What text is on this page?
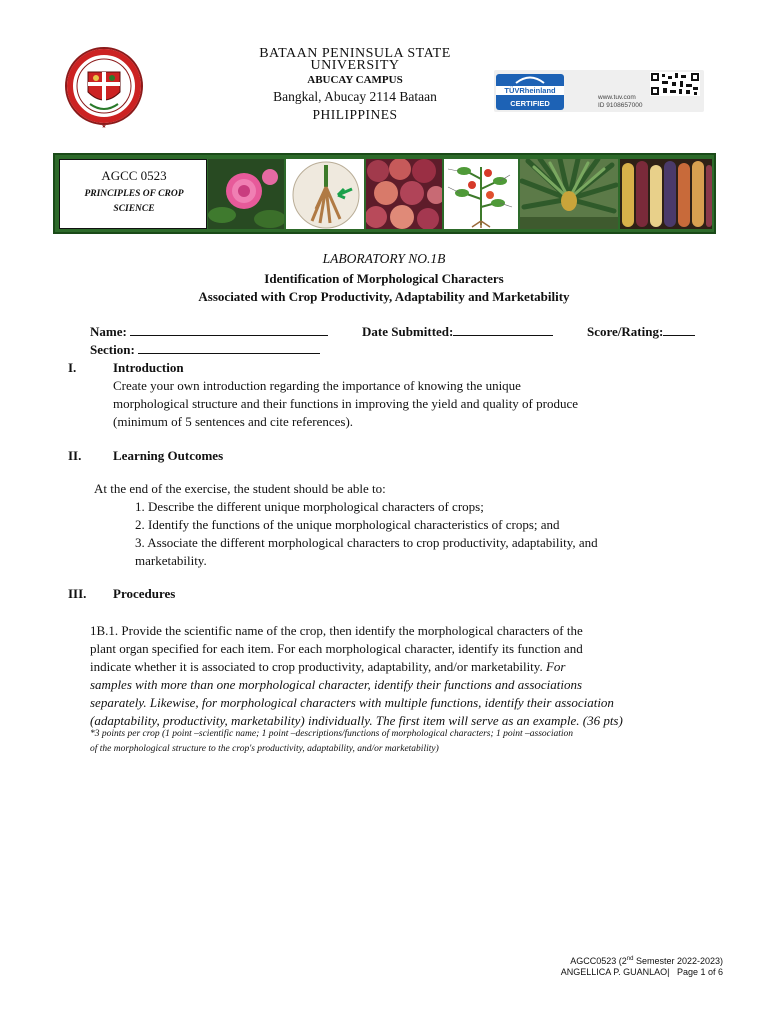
★
BATAAN PENINSULA STATE
UNIVERSITY
ABUCAY CAMPUS
Bangkal, Abucay 2114 Bataan
PHILIPPINES
TÜVRheinland
CERTIFIED
www.tuv.com
ID 9108657000
AGCC 0523
PRINCIPLES OF CROP SCIENCE
LABORATORY NO.1B
Identification of Morphological Characters
Associated with Crop Productivity, Adaptability and Marketability
Name:	Date Submitted:	Score/Rating:
Section:
I.	Introduction
Create your own introduction regarding the importance of knowing the unique
morphological structure and their functions in improving the yield and quality of produce
(minimum of 5 sentences and cite references).
II. Learning Outcomes
At the end of the exercise, the student should be able to:
1. Describe the different unique morphological characters of crops;
2. Identify the functions of the unique morphological characteristics of crops; and
3. Associate the different morphological characters to crop productivity, adaptability, and
marketability.
III. Procedures
1B.1. Provide the scientific name of the crop, then identify the morphological characters of the
plant organ specified for each item. For each morphological character, identify its function and
indicate whether it is associated to crop productivity, adaptability, and/or marketability. For
samples with more than one morphological character, identify their functions and associations
separately. Likewise, for morphological characters with multiple functions, identify their association
(adaptability, productivity, marketability) individually. The first item will serve as an example. (36 pts)
*3 points per crop (1 point –scientific name; 1 point –descriptions/functions of morphological characters; 1 point –association
of the morphological structure to the crop's productivity, adaptability, and/or marketability)
AGCC0523 (2nd Semester 2022-2023)
ANGELLICA P. GUANLAO| Page 1 of 6
